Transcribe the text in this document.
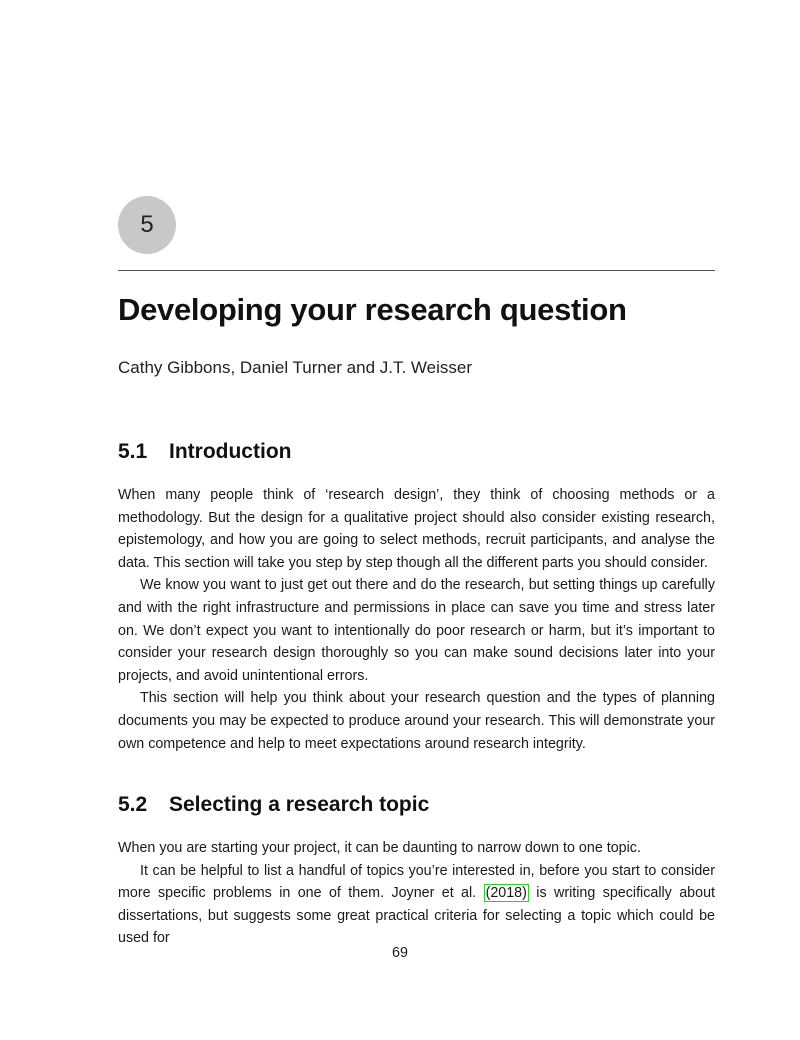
5
Developing your research question

Cathy Gibbons, Daniel Turner and J.T. Weisser

5.1	Introduction

When many people think of ‘research design’, they think of choosing methods or a methodology. But the design for a qualitative project should also consider existing research, epistemology, and how you are going to select methods, recruit participants, and analyse the data. This section will take you step by step though all the different parts you should consider.

We know you want to just get out there and do the research, but setting things up carefully and with the right infrastructure and permissions in place can save you time and stress later on. We don’t expect you want to intentionally do poor research or harm, but it’s important to consider your research design thoroughly so you can make sound decisions later into your projects, and avoid unintentional errors.

This section will help you think about your research question and the types of planning documents you may be expected to produce around your research. This will demonstrate your own competence and help to meet expectations around research integrity.

5.2	Selecting a research topic

When you are starting your project, it can be daunting to narrow down to one topic.

It can be helpful to list a handful of topics you’re interested in, before you start to consider more specific problems in one of them. Joyner et al. (2018) is writing specifically about dissertations, but suggests some great practical criteria for selecting a topic which could be used for

69
